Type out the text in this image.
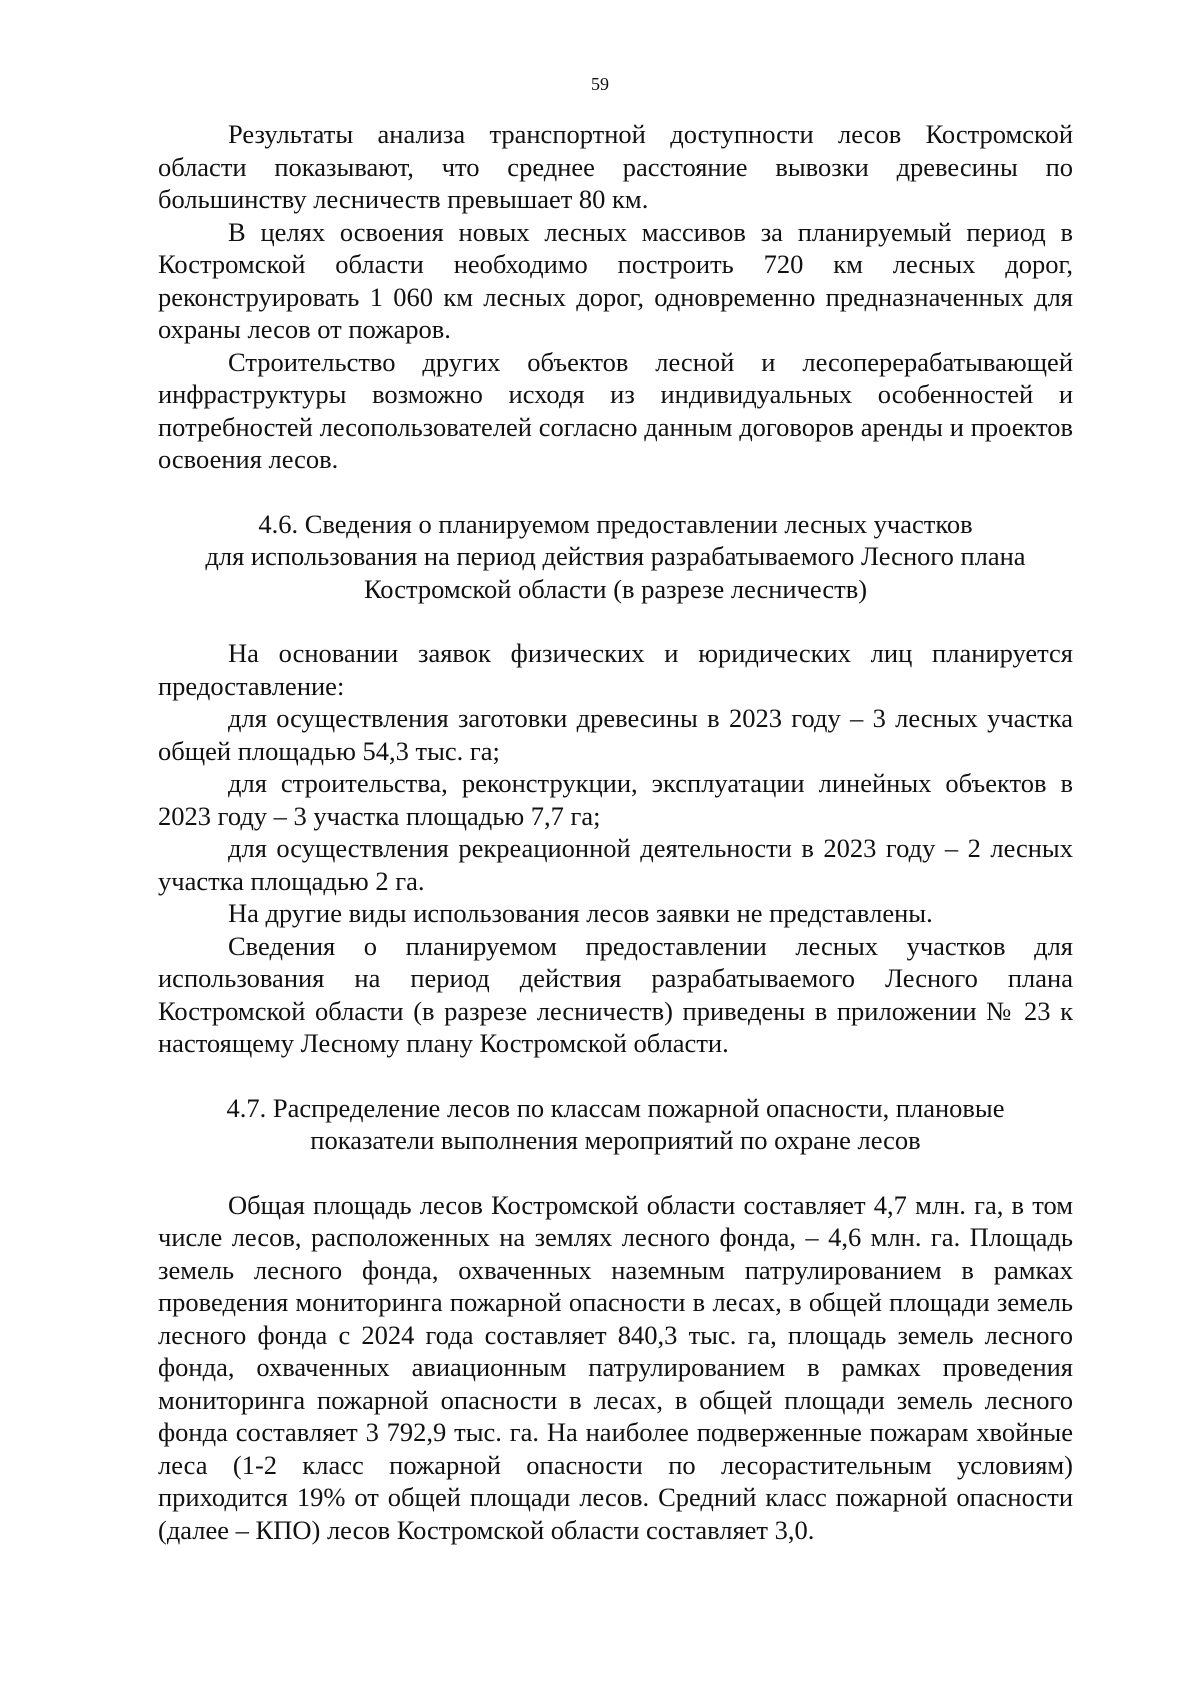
59

Результаты анализа транспортной доступности лесов Костромской области показывают, что среднее расстояние вывозки древесины по большинству лесничеств превышает 80 км.

В целях освоения новых лесных массивов за планируемый период в Костромской области необходимо построить 720 км лесных дорог, реконструировать 1 060 км лесных дорог, одновременно предназначенных для охраны лесов от пожаров.

Строительство других объектов лесной и лесоперерабатывающей инфраструктуры возможно исходя из индивидуальных особенностей и потребностей лесопользователей согласно данным договоров аренды и проектов освоения лесов.

4.6. Сведения о планируемом предоставлении лесных участков
для использования на период действия разрабатываемого Лесного плана
Костромской области (в разрезе лесничеств)

На основании заявок физических и юридических лиц планируется предоставление:

для осуществления заготовки древесины в 2023 году – 3 лесных участка общей площадью 54,3 тыс. га;

для строительства, реконструкции, эксплуатации линейных объектов в 2023 году – 3 участка площадью 7,7 га;

для осуществления рекреационной деятельности в 2023 году – 2 лесных участка площадью 2 га.

На другие виды использования лесов заявки не представлены.

Сведения о планируемом предоставлении лесных участков для использования на период действия разрабатываемого Лесного плана Костромской области (в разрезе лесничеств) приведены в приложении № 23 к настоящему Лесному плану Костромской области.

4.7. Распределение лесов по классам пожарной опасности, плановые
показатели выполнения мероприятий по охране лесов

Общая площадь лесов Костромской области составляет 4,7 млн. га, в том числе лесов, расположенных на землях лесного фонда, – 4,6 млн. га. Площадь земель лесного фонда, охваченных наземным патрулированием в рамках проведения мониторинга пожарной опасности в лесах, в общей площади земель лесного фонда с 2024 года составляет 840,3 тыс. га, площадь земель лесного фонда, охваченных авиационным патрулированием в рамках проведения мониторинга пожарной опасности в лесах, в общей площади земель лесного фонда составляет 3 792,9 тыс. га. На наиболее подверженные пожарам хвойные леса (1-2 класс пожарной опасности по лесорастительным условиям) приходится 19% от общей площади лесов. Средний класс пожарной опасности (далее – КПО) лесов Костромской области составляет 3,0.
